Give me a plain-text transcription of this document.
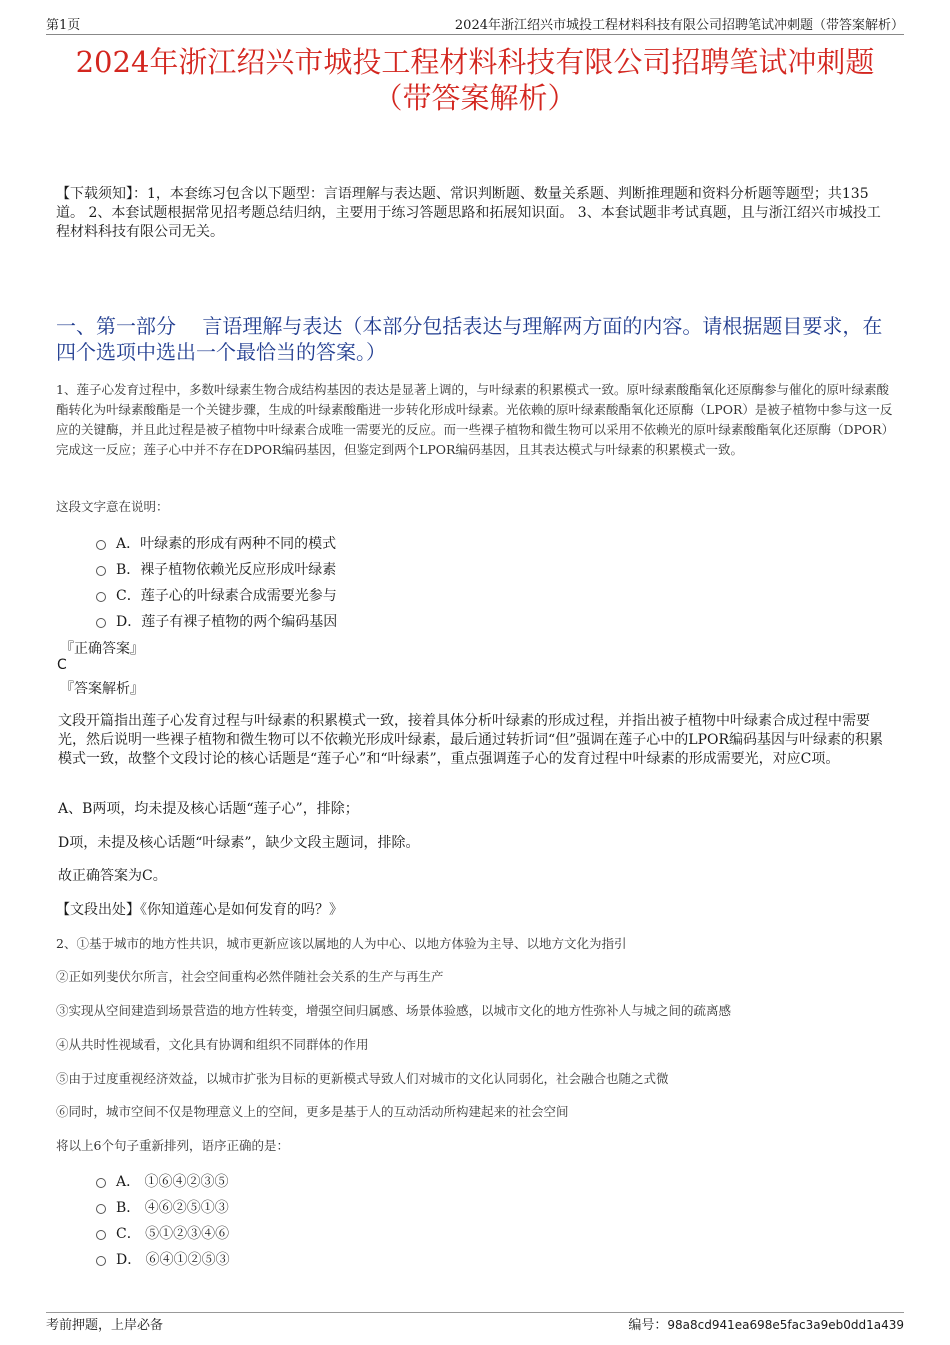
第1页	2024年浙江绍兴市城投工程材料科技有限公司招聘笔试冲刺题（带答案解析）
2024年浙江绍兴市城投工程材料科技有限公司招聘笔试冲刺题
（带答案解析）
【下载须知】：1，本套练习包含以下题型：言语理解与表达题、常识判断题、数量关系题、判断推理题和资料分析题等题型；共135道。 2、本套试题根据常见招考题总结归纳，主要用于练习答题思路和拓展知识面。 3、本套试题非考试真题，且与浙江绍兴市城投工程材料科技有限公司无关。
一、第一部分　 言语理解与表达（本部分包括表达与理解两方面的内容。请根据题目要求，在四个选项中选出一个最恰当的答案。）
1、莲子心发育过程中，多数叶绿素生物合成结构基因的表达是显著上调的，与叶绿素的积累模式一致。原叶绿素酸酯氧化还原酶参与催化的原叶绿素酸酯转化为叶绿素酸酯是一个关键步骤，生成的叶绿素酸酯进一步转化形成叶绿素。光依赖的原叶绿素酸酯氧化还原酶（LPOR）是被子植物中参与这一反应的关键酶，并且此过程是被子植物中叶绿素合成唯一需要光的反应。而一些裸子植物和微生物可以采用不依赖光的原叶绿素酸酯氧化还原酶（DPOR）完成这一反应；莲子心中并不存在DPOR编码基因，但鉴定到两个LPOR编码基因，且其表达模式与叶绿素的积累模式一致。
这段文字意在说明：
A．叶绿素的形成有两种不同的模式
B．裸子植物依赖光反应形成叶绿素
C．莲子心的叶绿素合成需要光参与
D．莲子有裸子植物的两个编码基因
『正确答案』
C
『答案解析』
文段开篇指出莲子心发育过程与叶绿素的积累模式一致，接着具体分析叶绿素的形成过程，并指出被子植物中叶绿素合成过程中需要光，然后说明一些裸子植物和微生物可以不依赖光形成叶绿素，最后通过转折词“但”强调在莲子心中的LPOR编码基因与叶绿素的积累模式一致，故整个文段讨论的核心话题是“莲子心”和“叶绿素”，重点强调莲子心的发育过程中叶绿素的形成需要光，对应C项。
A、B两项，均未提及核心话题“莲子心”，排除；
D项，未提及核心话题“叶绿素”，缺少文段主题词，排除。
故正确答案为C。
【文段出处】《你知道莲心是如何发育的吗？》
2、①基于城市的地方性共识，城市更新应该以属地的人为中心、以地方体验为主导、以地方文化为指引
②正如列斐伏尔所言，社会空间重构必然伴随社会关系的生产与再生产
③实现从空间建造到场景营造的地方性转变，增强空间归属感、场景体验感，以城市文化的地方性弥补人与城之间的疏离感
④从共时性视域看，文化具有协调和组织不同群体的作用
⑤由于过度重视经济效益，以城市扩张为目标的更新模式导致人们对城市的文化认同弱化，社会融合也随之式微
⑥同时，城市空间不仅是物理意义上的空间，更多是基于人的互动活动所构建起来的社会空间
将以上6个句子重新排列，语序正确的是：
A． ①⑥④②③⑤
B． ④⑥②⑤①③
C． ⑤①②③④⑥
D． ⑥④①②⑤③
考前押题，上岸必备	编号：98a8cd941ea698e5fac3a9eb0dd1a439
